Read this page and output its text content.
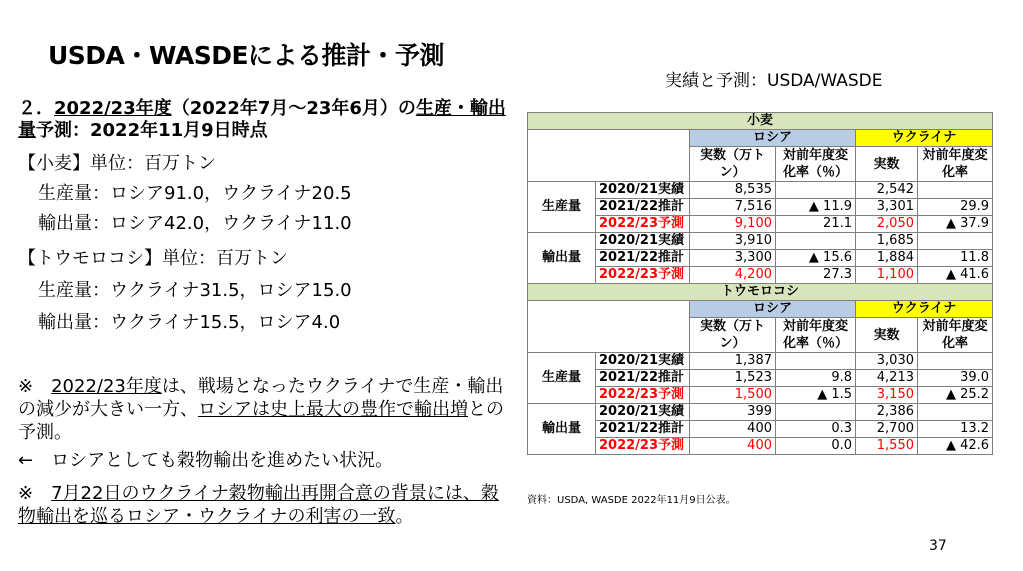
USDA・WASDEによる推計・予測
実績と予測：USDA/WASDE

２．2022/23年度（2022年7月～23年6月）の生産・輸出量予測：2022年11月9日時点

【小麦】単位：百万トン
生産量：ロシア91.0，ウクライナ20.5
輸出量：ロシア42.0，ウクライナ11.0
【トウモロコシ】単位：百万トン
生産量：ウクライナ31.5，ロシア15.0
輸出量：ウクライナ15.5，ロシア4.0
※　2022/23年度は、戦場となったウクライナで生産・輸出の減少が大きい一方、ロシアは史上最大の豊作で輸出増との予測。
←　ロシアとしても穀物輸出を進めたい状況。
※　7月22日のウクライナ穀物輸出再開合意の背景には、穀物輸出を巡るロシア・ウクライナの利害の一致。
小麦					
		ロシア		ウクライナ	
		実数（万トン）	対前年度変化率（％）	実数	対前年度変化率
生産量	2020/21実績	8,535		2,542	
	2021/22推計	7,516	▲ 11.9	3,301	29.9
	2022/23予測	9,100	21.1	2,050	▲ 37.9
輸出量	2020/21実績	3,910		1,685	
	2021/22推計	3,300	▲ 15.6	1,884	11.8
	2022/23予測	4,200	27.3	1,100	▲ 41.6
トウモロコシ					
		ロシア		ウクライナ	
		実数（万トン）	対前年度変化率（％）	実数	対前年度変化率
生産量	2020/21実績	1,387		3,030	
	2021/22推計	1,523	9.8	4,213	39.0
	2022/23予測	1,500	▲ 1.5	3,150	▲ 25.2
輸出量	2020/21実績	399		2,386	
	2021/22推計	400	0.3	2,700	13.2
	2022/23予測	400	0.0	1,550	▲ 42.6
資料：USDA, WASDE 2022年11月9日公表。
37
